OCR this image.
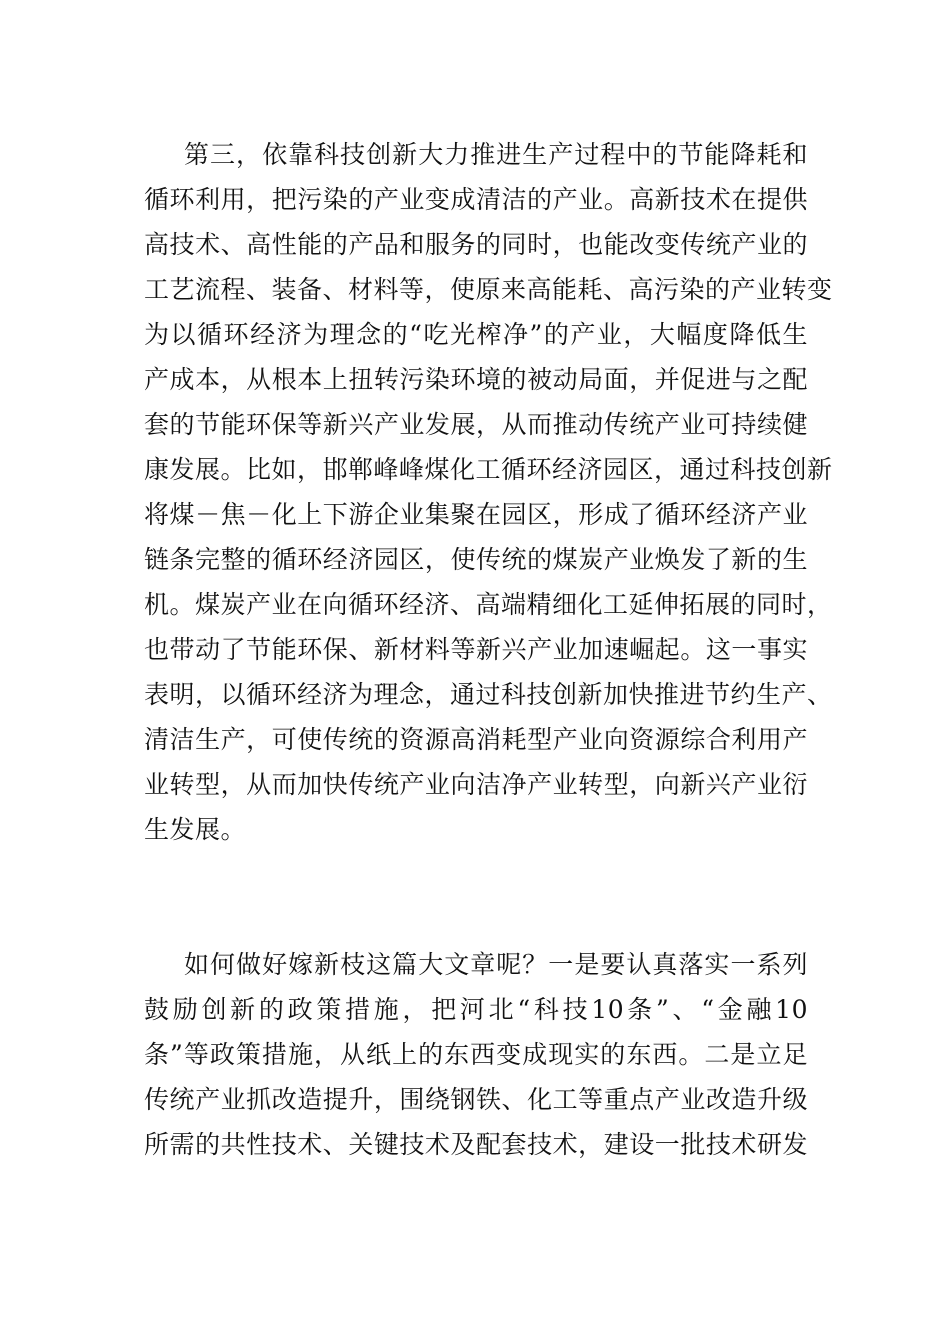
第三，依靠科技创新大力推进生产过程中的节能降耗和
循环利用，把污染的产业变成清洁的产业。高新技术在提供
高技术、高性能的产品和服务的同时，也能改变传统产业的
工艺流程、装备、材料等，使原来高能耗、高污染的产业转变
为以循环经济为理念的“吃光榨净”的产业，大幅度降低生
产成本，从根本上扭转污染环境的被动局面，并促进与之配
套的节能环保等新兴产业发展，从而推动传统产业可持续健
康发展。比如，邯郸峰峰煤化工循环经济园区，通过科技创新
将煤－焦－化上下游企业集聚在园区，形成了循环经济产业
链条完整的循环经济园区，使传统的煤炭产业焕发了新的生
机。煤炭产业在向循环经济、高端精细化工延伸拓展的同时，
也带动了节能环保、新材料等新兴产业加速崛起。这一事实
表明，以循环经济为理念，通过科技创新加快推进节约生产、
清洁生产，可使传统的资源高消耗型产业向资源综合利用产
业转型，从而加快传统产业向洁净产业转型，向新兴产业衍
生发展。
如何做好嫁新枝这篇大文章呢？一是要认真落实一系列
鼓励创新的政策措施，把河北“科技10条”、“金融10
条”等政策措施，从纸上的东西变成现实的东西。二是立足
传统产业抓改造提升，围绕钢铁、化工等重点产业改造升级
所需的共性技术、关键技术及配套技术，建设一批技术研发
